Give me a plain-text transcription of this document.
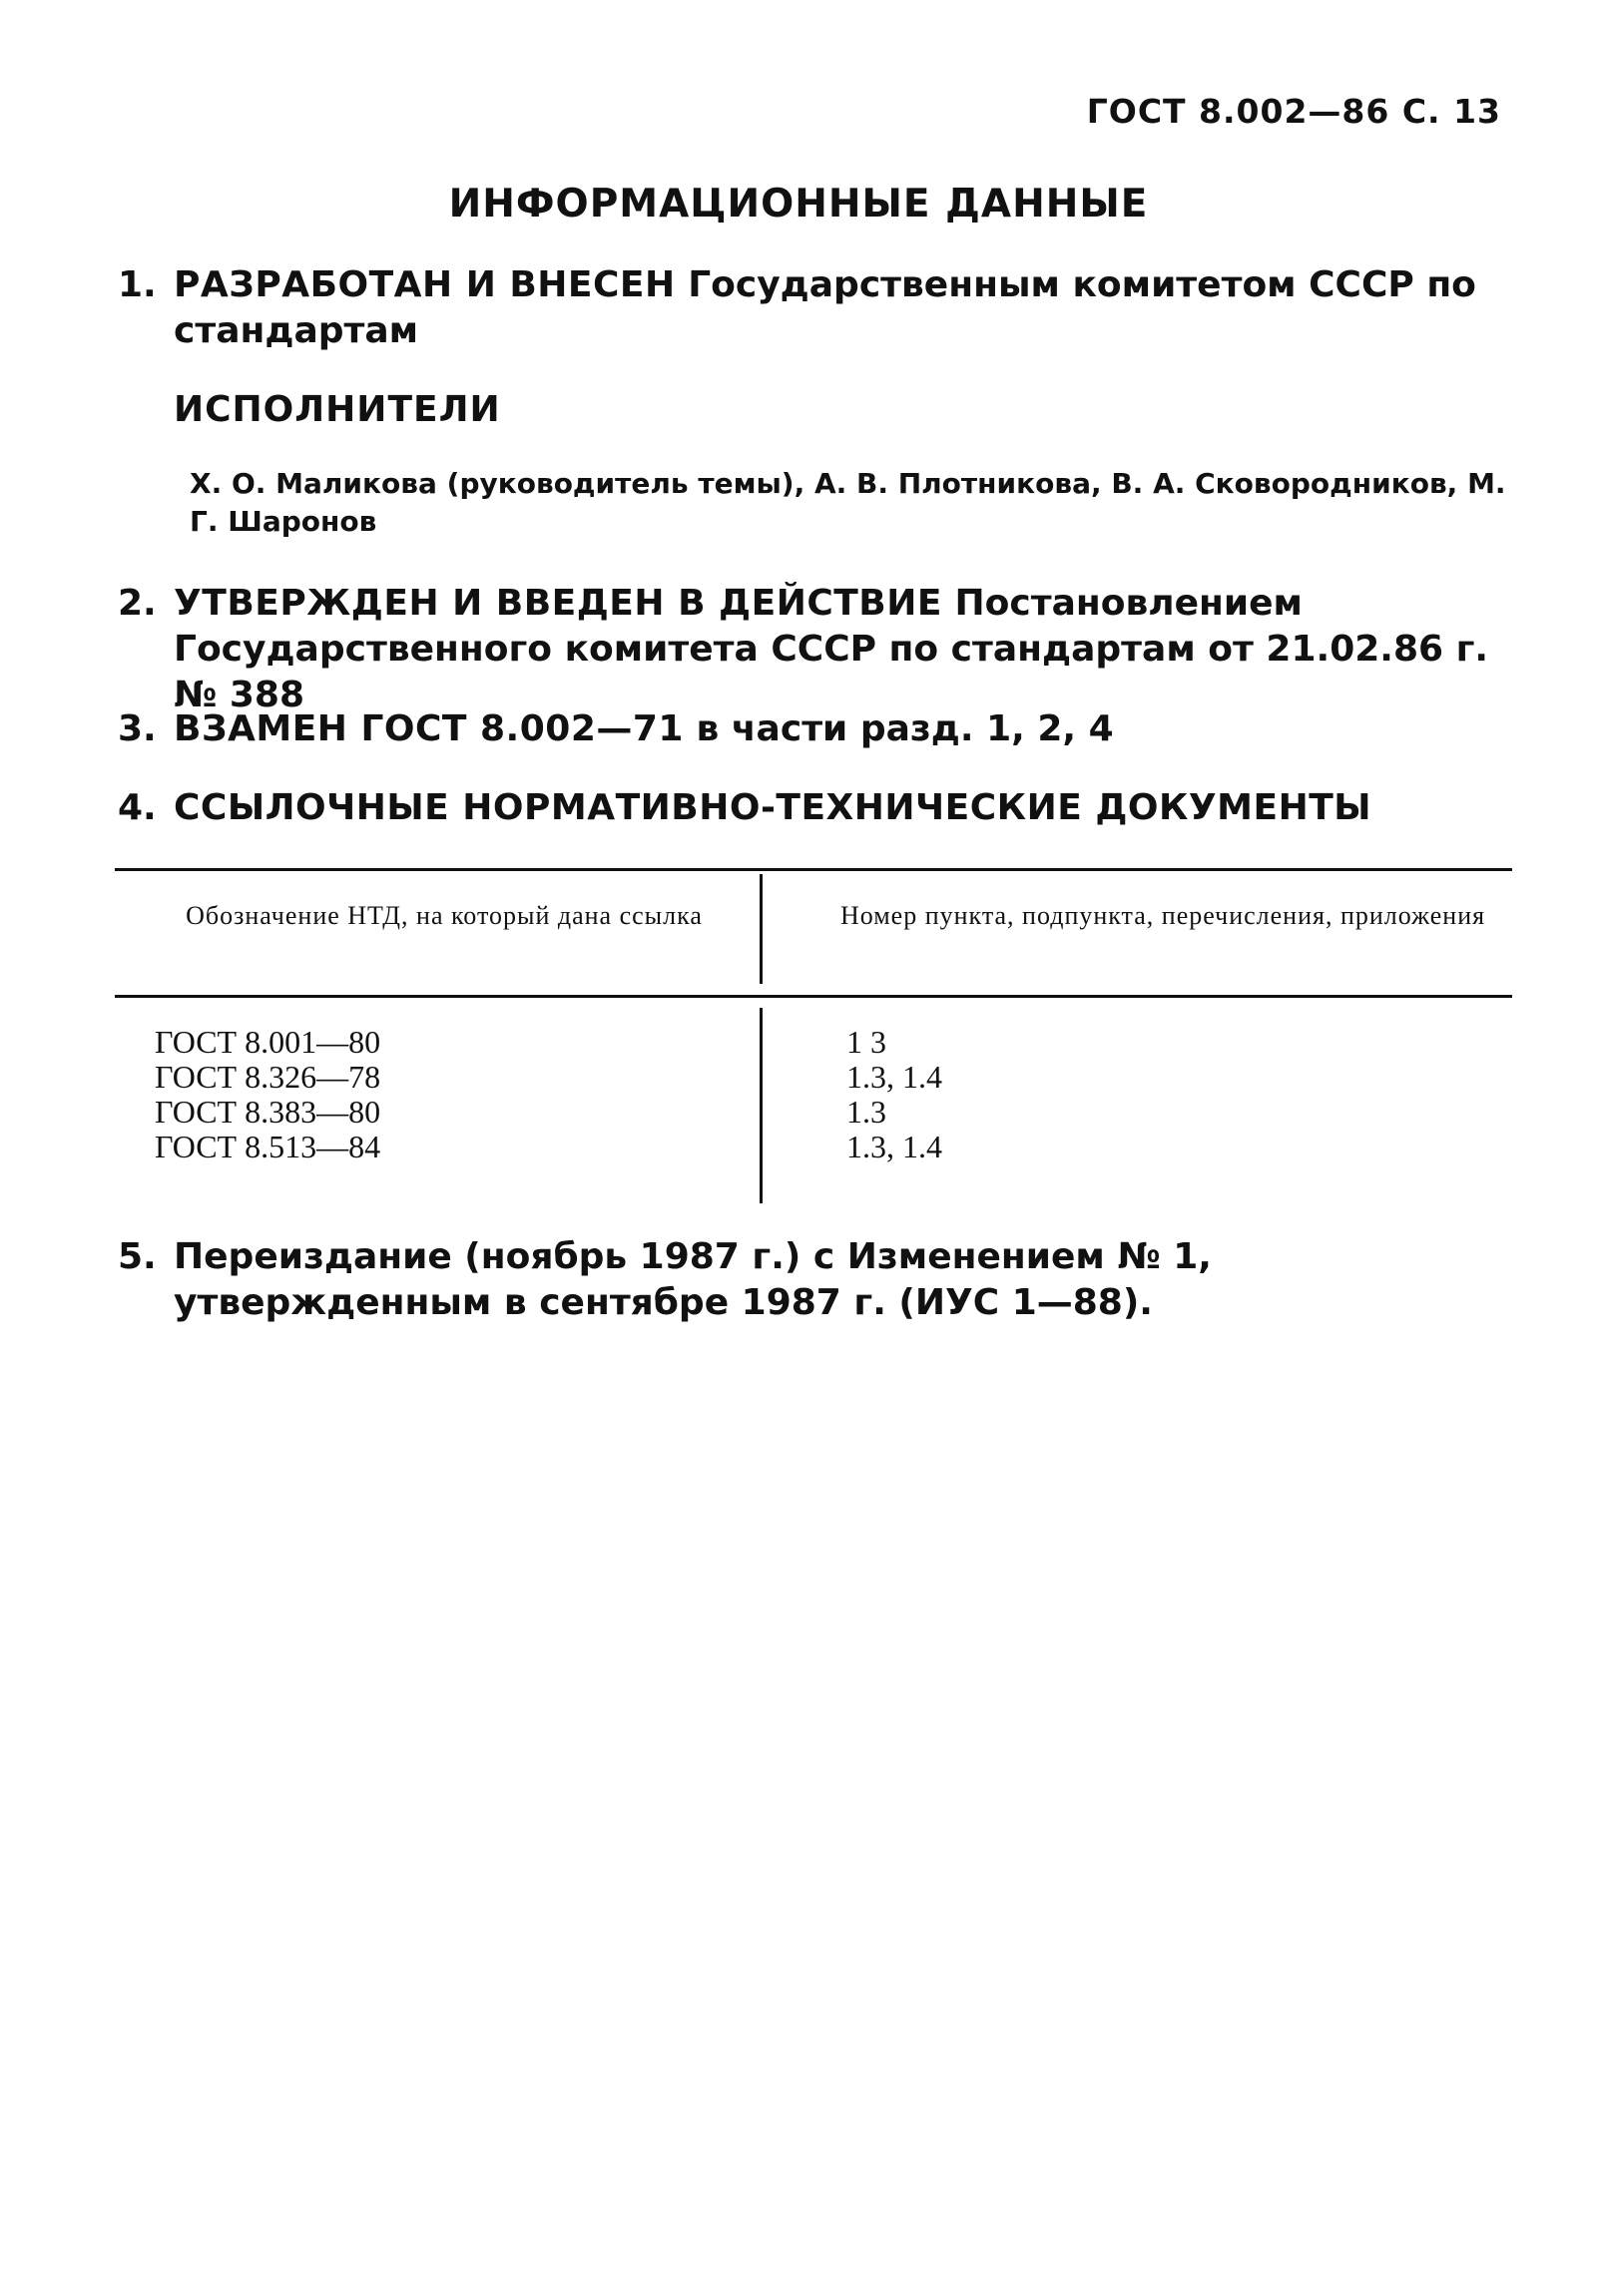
ГОСТ 8.002—86 С. 13
ИНФОРМАЦИОННЫЕ ДАННЫЕ
1. РАЗРАБОТАН И ВНЕСЕН Государственным комитетом СССР по стандартам
ИСПОЛНИТЕЛИ
Х. О. Маликова (руководитель темы), А. В. Плотникова, В. А. Сковородников, М. Г. Шаронов
2. УТВЕРЖДЕН И ВВЕДЕН В ДЕЙСТВИЕ Постановлением Государственного комитета СССР по стандартам от 21.02.86 г. № 388
3. ВЗАМЕН ГОСТ 8.002—71 в части разд. 1, 2, 4
4. ССЫЛОЧНЫЕ НОРМАТИВНО-ТЕХНИЧЕСКИЕ ДОКУМЕНТЫ
Обозначение НТД, на который дана ссылка	Номер пункта, подпункта, перечисления, приложения
ГОСТ 8.001—80	1 3
ГОСТ 8.326—78	1.3, 1.4
ГОСТ 8.383—80	1.3
ГОСТ 8.513—84	1.3, 1.4
5. Переиздание (ноябрь 1987 г.) с Изменением № 1, утвержденным в сентябре 1987 г. (ИУС 1—88).
